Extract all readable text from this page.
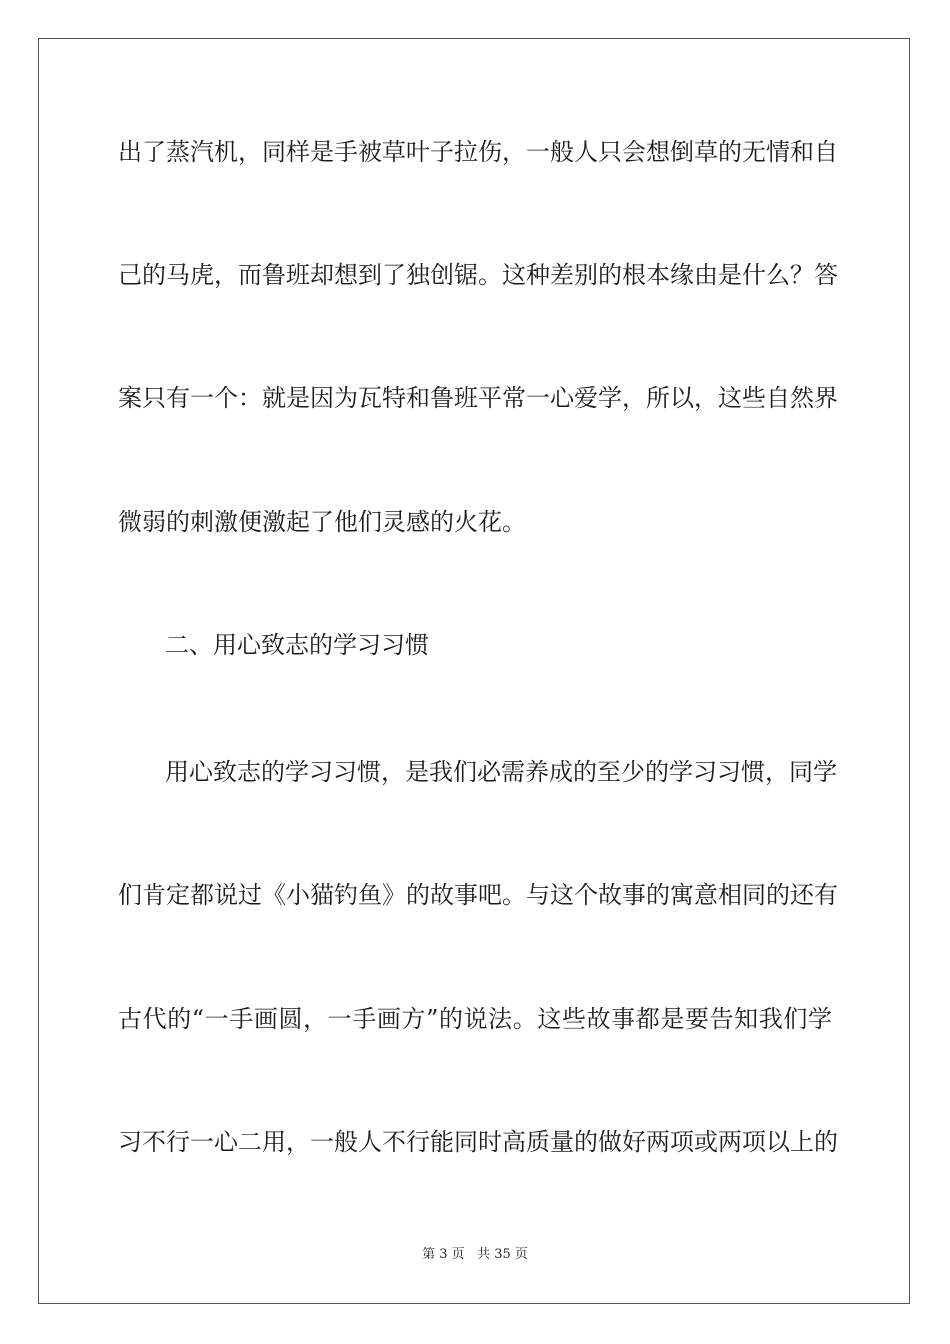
出了蒸汽机，同样是手被草叶子拉伤，一般人只会想倒草的无情和自
己的马虎，而鲁班却想到了独创锯。这种差别的根本缘由是什么？答
案只有一个：就是因为瓦特和鲁班平常一心爱学，所以，这些自然界
微弱的刺激便激起了他们灵感的火花。
二、用心致志的学习习惯
用心致志的学习习惯，是我们必需养成的至少的学习习惯，同学
们肯定都说过《小猫钓鱼》的故事吧。与这个故事的寓意相同的还有
古代的“一手画圆，一手画方”的说法。这些故事都是要告知我们学
习不行一心二用，一般人不行能同时高质量的做好两项或两项以上的
第 3 页 共 35 页
